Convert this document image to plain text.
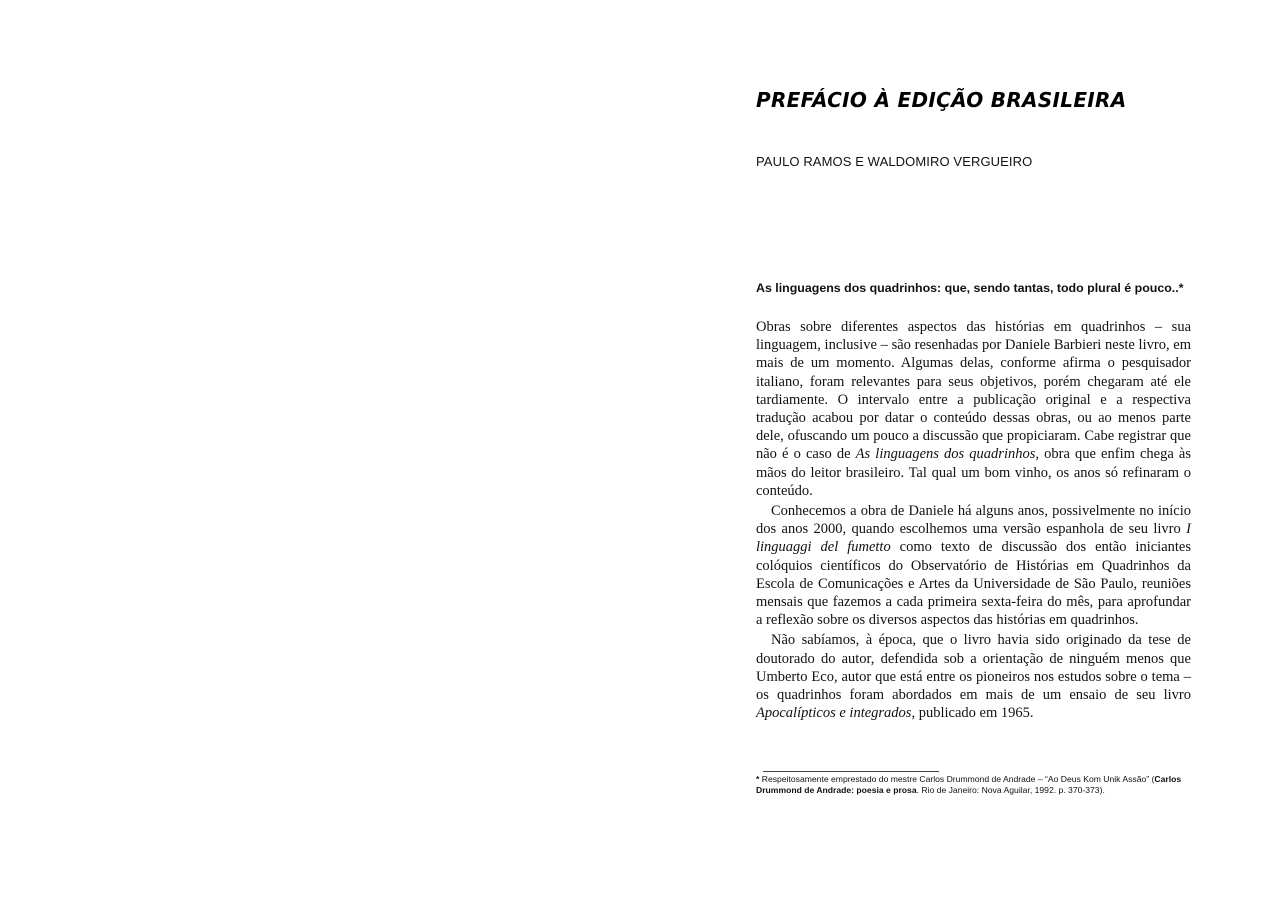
PREFÁCIO À EDIÇÃO BRASILEIRA
PAULO RAMOS E WALDOMIRO VERGUEIRO
As linguagens dos quadrinhos: que, sendo tantas, todo plural é pouco..*

Obras sobre diferentes aspectos das histórias em quadrinhos – sua linguagem, inclusive – são resenhadas por Daniele Barbieri neste livro, em mais de um momento. Algumas delas, conforme afirma o pesquisador italiano, foram relevantes para seus objetivos, porém chegaram até ele tardiamente. O intervalo entre a publicação original e a respectiva tradução acabou por datar o conteúdo dessas obras, ou ao menos parte dele, ofuscando um pouco a discussão que propiciaram. Cabe registrar que não é o caso de As linguagens dos quadrinhos, obra que enfim chega às mãos do leitor brasileiro. Tal qual um bom vinho, os anos só refinaram o conteúdo.

Conhecemos a obra de Daniele há alguns anos, possivelmente no início dos anos 2000, quando escolhemos uma versão espanhola de seu livro I linguaggi del fumetto como texto de discussão dos então iniciantes colóquios científicos do Observatório de Histórias em Quadrinhos da Escola de Comunicações e Artes da Universidade de São Paulo, reuniões mensais que fazemos a cada primeira sexta-feira do mês, para aprofundar a reflexão sobre os diversos aspectos das histórias em quadrinhos.

Não sabíamos, à época, que o livro havia sido originado da tese de doutorado do autor, defendida sob a orientação de ninguém menos que Umberto Eco, autor que está entre os pioneiros nos estudos sobre o tema – os quadrinhos foram abordados em mais de um ensaio de seu livro Apocalípticos e integrados, publicado em 1965.

* Respeitosamente emprestado do mestre Carlos Drummond de Andrade – “Ao Deus Kom Unik Assão” (Carlos Drummond de Andrade: poesia e prosa. Rio de Janeiro: Nova Aguilar, 1992. p. 370-373).
